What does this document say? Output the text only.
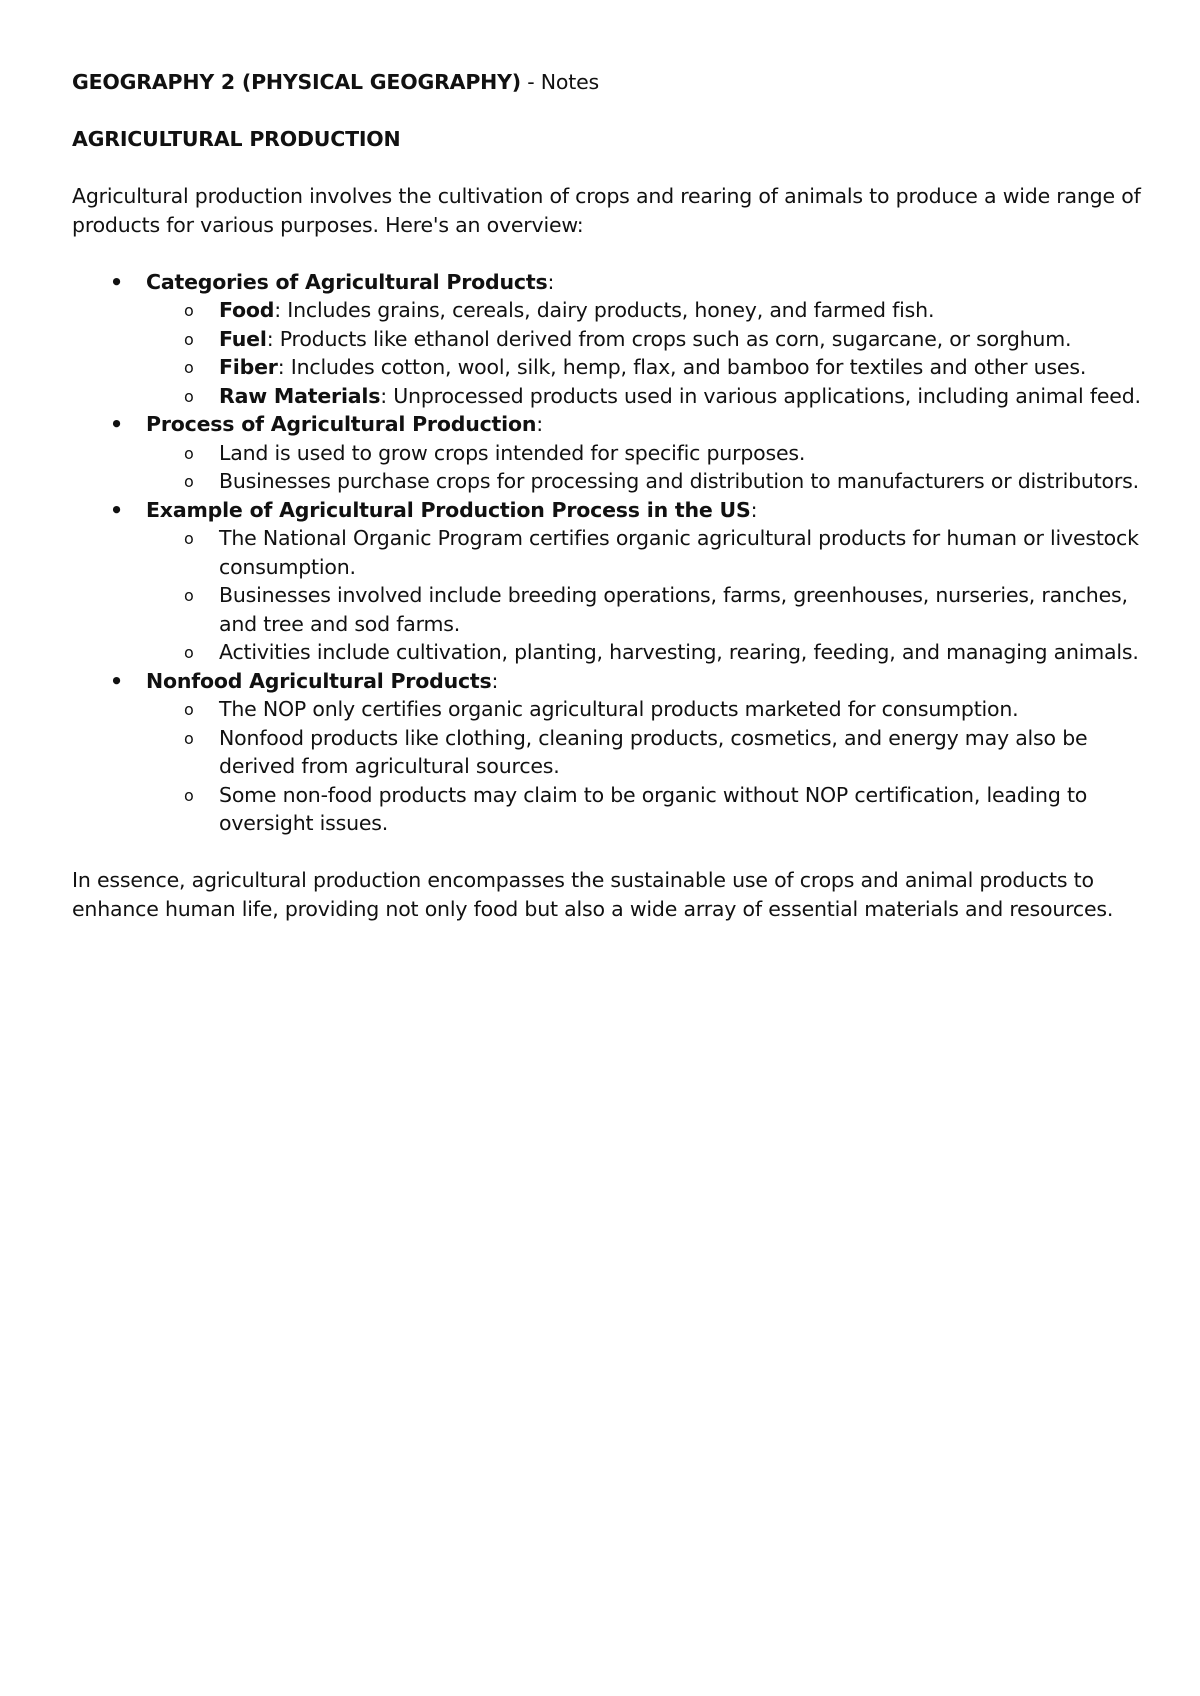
GEOGRAPHY 2 (PHYSICAL GEOGRAPHY) - Notes

AGRICULTURAL PRODUCTION

Agricultural production involves the cultivation of crops and rearing of animals to produce a wide range of products for various purposes. Here's an overview:

• Categories of Agricultural Products:
o Food: Includes grains, cereals, dairy products, honey, and farmed fish.
o Fuel: Products like ethanol derived from crops such as corn, sugarcane, or sorghum.
o Fiber: Includes cotton, wool, silk, hemp, flax, and bamboo for textiles and other uses.
o Raw Materials: Unprocessed products used in various applications, including animal feed.
• Process of Agricultural Production:
o Land is used to grow crops intended for specific purposes.
o Businesses purchase crops for processing and distribution to manufacturers or distributors.
• Example of Agricultural Production Process in the US:
o The National Organic Program certifies organic agricultural products for human or livestock consumption.
o Businesses involved include breeding operations, farms, greenhouses, nurseries, ranches, and tree and sod farms.
o Activities include cultivation, planting, harvesting, rearing, feeding, and managing animals.
• Nonfood Agricultural Products:
o The NOP only certifies organic agricultural products marketed for consumption.
o Nonfood products like clothing, cleaning products, cosmetics, and energy may also be derived from agricultural sources.
o Some non-food products may claim to be organic without NOP certification, leading to oversight issues.

In essence, agricultural production encompasses the sustainable use of crops and animal products to enhance human life, providing not only food but also a wide array of essential materials and resources.
